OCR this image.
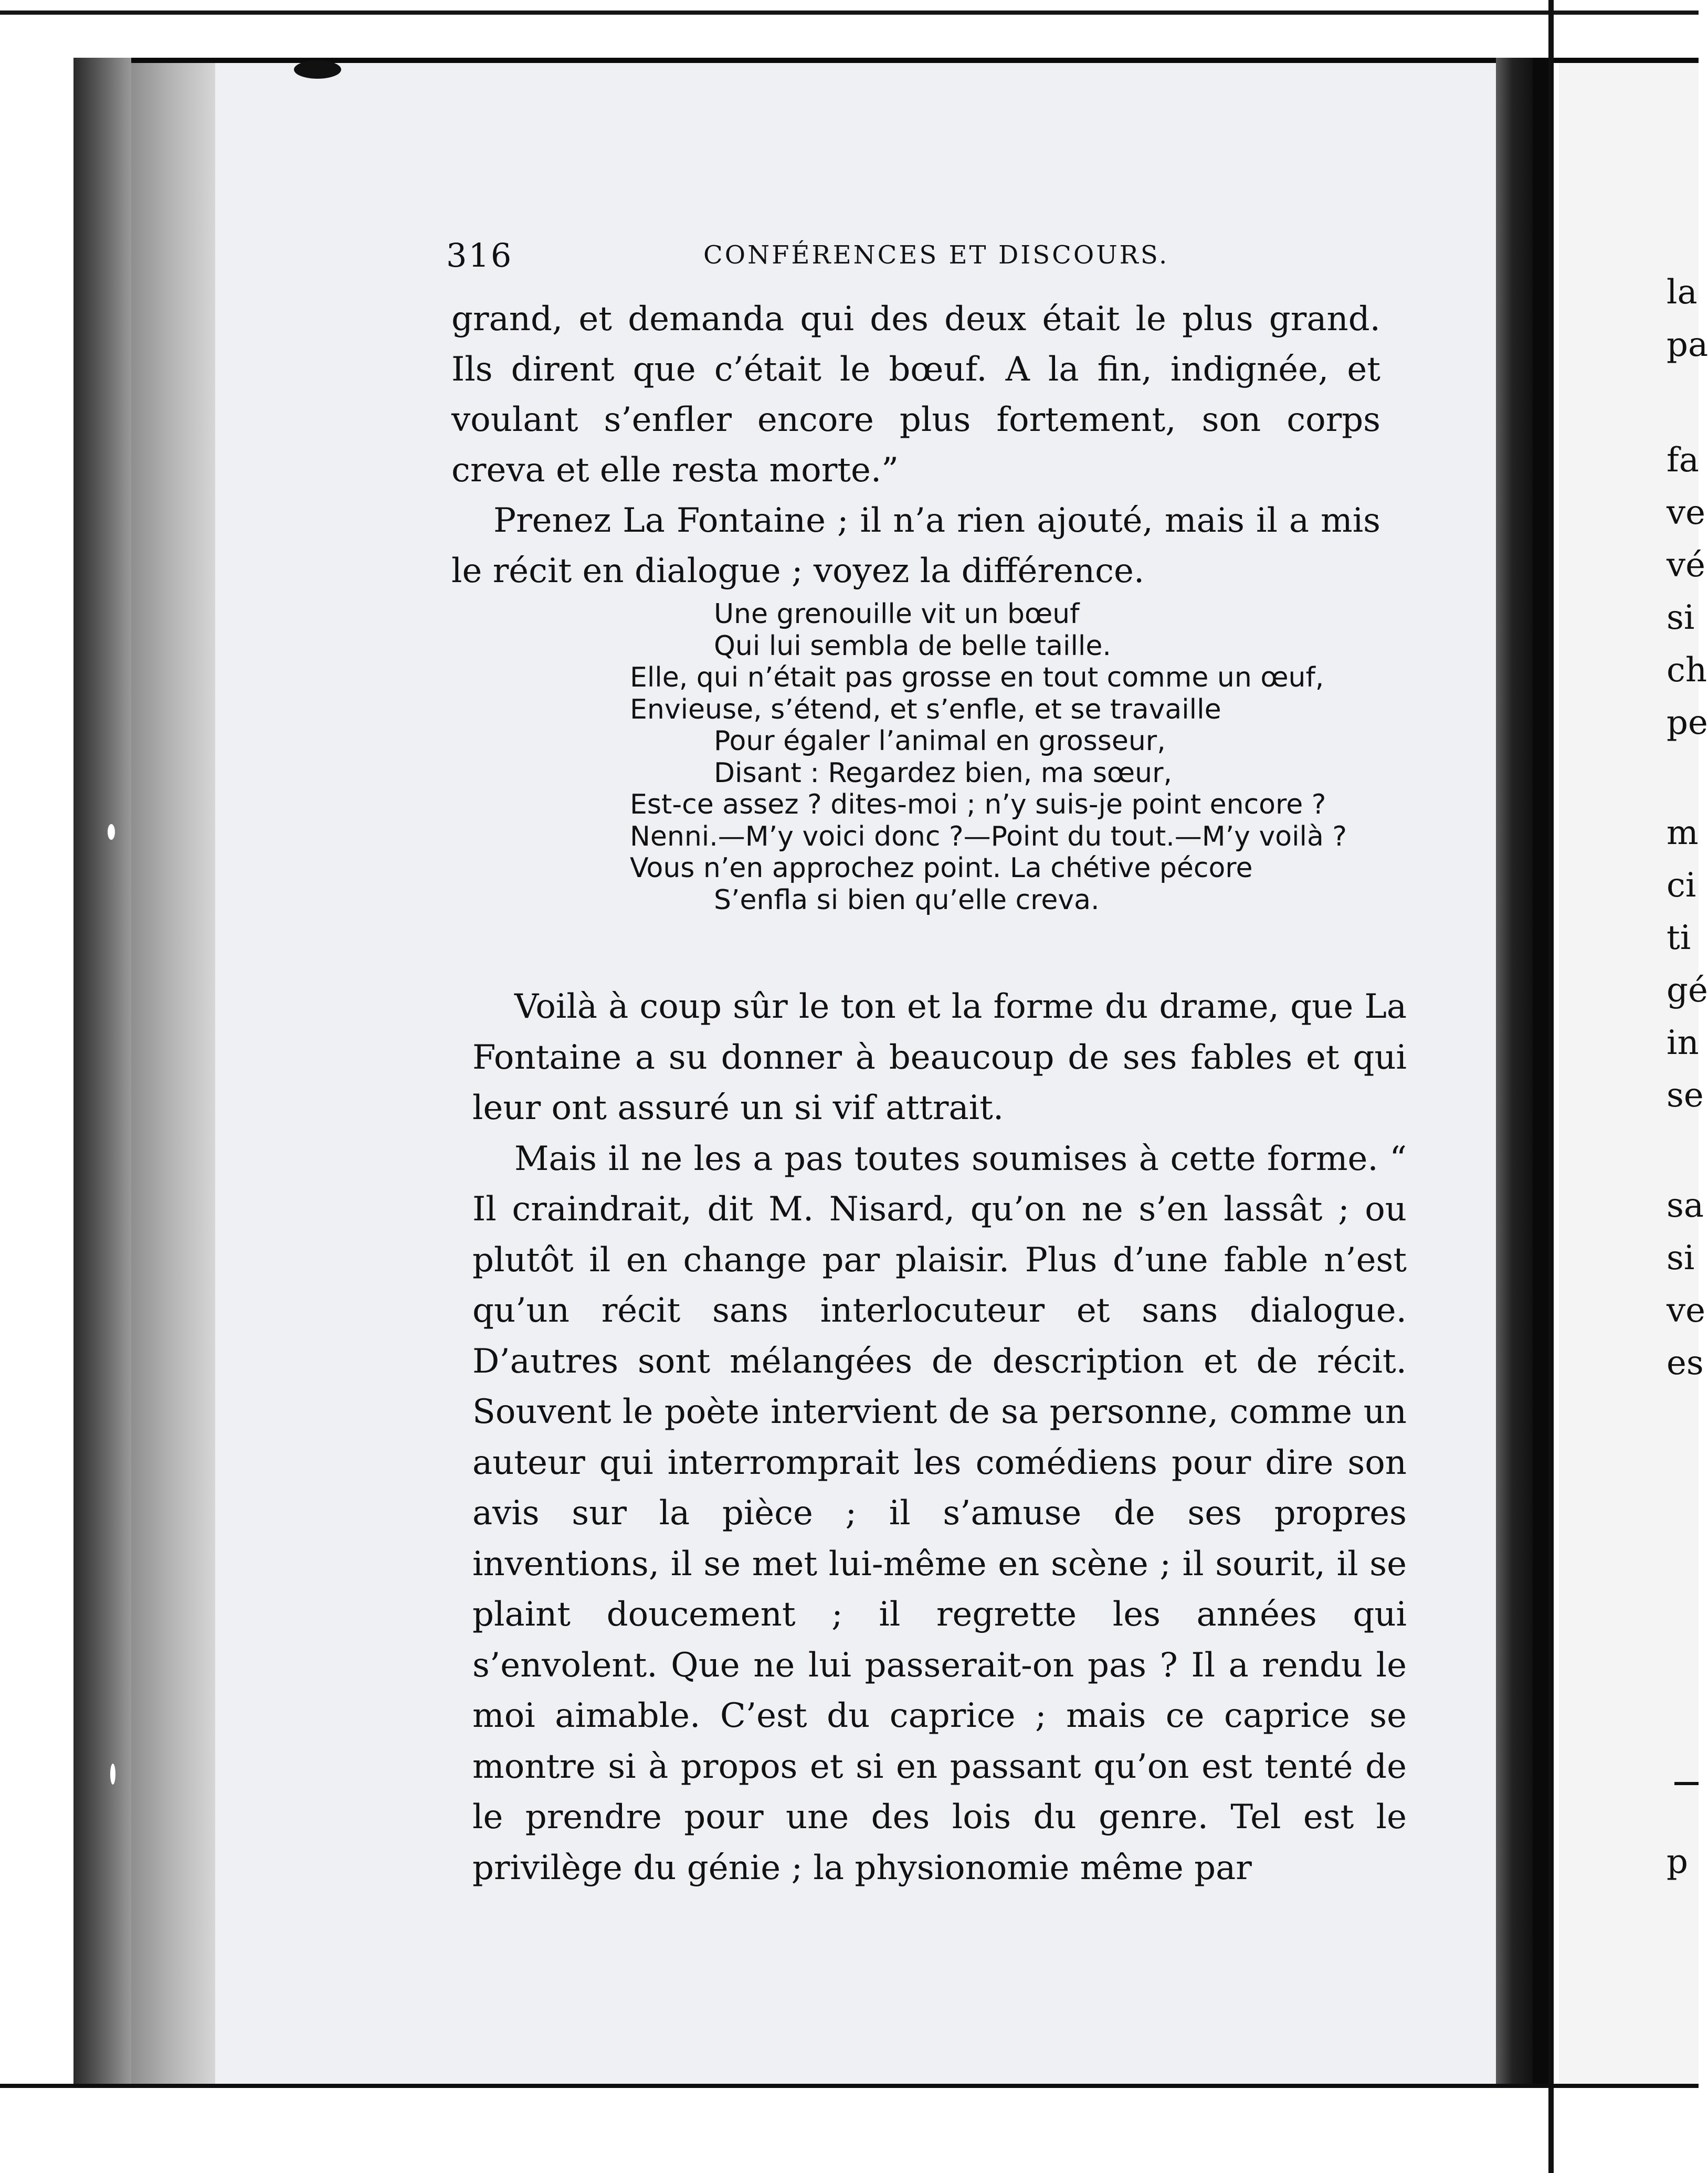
316	CONFÉRENCES ET DISCOURS.

grand, et demanda qui des deux était le plus grand. Ils dirent que c’était le bœuf. A la fin, indignée, et voulant s’enfler encore plus fortement, son corps creva et elle resta morte.”

Prenez La Fontaine ; il n’a rien ajouté, mais il a mis le récit en dialogue ; voyez la différence.

Une grenouille vit un bœuf
Qui lui sembla de belle taille.
Elle, qui n’était pas grosse en tout comme un œuf,
Envieuse, s’étend, et s’enfle, et se travaille
Pour égaler l’animal en grosseur,
Disant : Regardez bien, ma sœur,
Est-ce assez ? dites-moi ; n’y suis-je point encore ?
Nenni.—M’y voici donc ?—Point du tout.—M’y voilà ?
Vous n’en approchez point. La chétive pécore
S’enfla si bien qu’elle creva.

Voilà à coup sûr le ton et la forme du drame, que La Fontaine a su donner à beaucoup de ses fables et qui leur ont assuré un si vif attrait.

Mais il ne les a pas toutes soumises à cette forme. “ Il craindrait, dit M. Nisard, qu’on ne s’en lassât ; ou plutôt il en change par plaisir. Plus d’une fable n’est qu’un récit sans interlocuteur et sans dialogue. D’autres sont mélangées de description et de récit. Souvent le poète intervient de sa personne, comme un auteur qui interromprait les comédiens pour dire son avis sur la pièce ; il s’amuse de ses propres inventions, il se met lui-même en scène ; il sourit, il se plaint doucement ; il regrette les années qui s’envolent. Que ne lui passerait-on pas ? Il a rendu le moi aimable. C’est du caprice ; mais ce caprice se montre si à propos et si en passant qu’on est tenté de le prendre pour une des lois du genre. Tel est le privilège du génie ; la physionomie même par

la
pa
fa
ve
vé
si
ch
pe
m
ci
ti
gé
in
se
sa
si
ve
es
p
